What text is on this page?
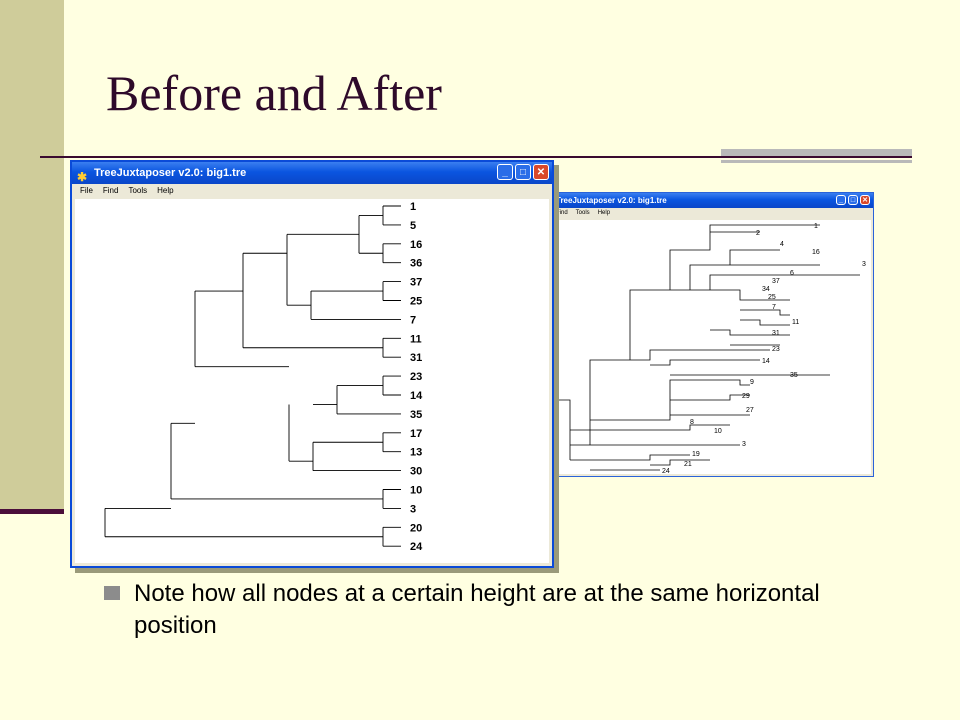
Before and After
TreeJuxtaposer v2.0: big1.tre	_	□ ✕
Find Tools Help
1
2
4
16
3
6
37
34
25
7
11
31
23
14
35
9
29
27
8
10
3
19
21
24
✱ TreeJuxtaposer v2.0: big1.tre	_	□	✕
File Find Tools Help
1
5
16
36
37
25
7
11
31
23
14
35
17
13
30
10
3
20
24
Note how all nodes at a certain height are at the same horizontal position
